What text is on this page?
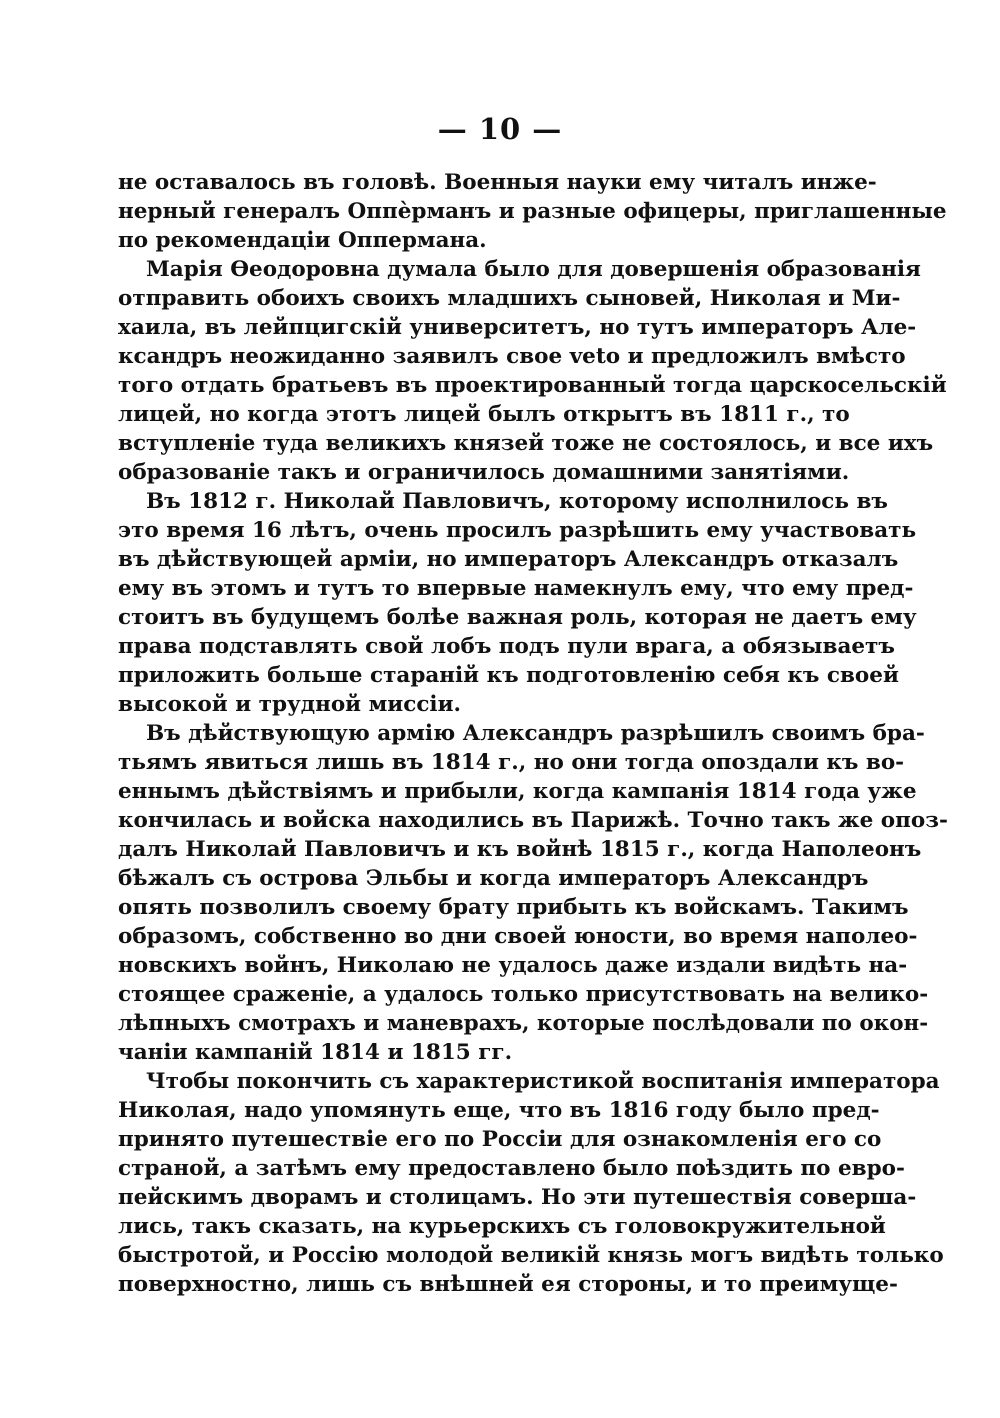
— 10 —
не оставалось въ головѣ. Военныя науки ему читалъ инже-
нерный генералъ Оппѐрманъ и разные офицеры, приглашенные
по рекомендаціи Оппермана.
Марія Ѳеодоровна думала было для довершенія образованія
отправить обоихъ своихъ младшихъ сыновей, Николая и Ми-
хаила, въ лейпцигскій университетъ, но тутъ императоръ Але-
ксандръ неожиданно заявилъ свое veto и предложилъ вмѣсто
того отдать братьевъ въ проектированный тогда царскосельскій
лицей, но когда этотъ лицей былъ открытъ въ 1811 г., то
вступленіе туда великихъ князей тоже не состоялось, и все ихъ
образованіе такъ и ограничилось домашними занятіями.
Въ 1812 г. Николай Павловичъ, которому исполнилось въ
это время 16 лѣтъ, очень просилъ разрѣшить ему участвовать
въ дѣйствующей арміи, но императоръ Александръ отказалъ
ему въ этомъ и тутъ то впервые намекнулъ ему, что ему пред-
стоитъ въ будущемъ болѣе важная роль, которая не даетъ ему
права подставлять свой лобъ подъ пули врага, а обязываетъ
приложить больше стараній къ подготовленію себя къ своей
высокой и трудной миссіи.
Въ дѣйствующую армію Александръ разрѣшилъ своимъ бра-
тьямъ явиться лишь въ 1814 г., но они тогда опоздали къ во-
еннымъ дѣйствіямъ и прибыли, когда кампанія 1814 года уже
кончилась и войска находились въ Парижѣ. Точно такъ же опоз-
далъ Николай Павловичъ и къ войнѣ 1815 г., когда Наполеонъ
бѣжалъ съ острова Эльбы и когда императоръ Александръ
опять позволилъ своему брату прибыть къ войскамъ. Такимъ
образомъ, собственно во дни своей юности, во время наполео-
новскихъ войнъ, Николаю не удалось даже издали видѣть на-
стоящее сраженіе, а удалось только присутствовать на велико-
лѣпныхъ смотрахъ и маневрахъ, которые послѣдовали по окон-
чаніи кампаній 1814 и 1815 гг.
Чтобы покончить съ характеристикой воспитанія императора
Николая, надо упомянуть еще, что въ 1816 году было пред-
принято путешествіе его по Россіи для ознакомленія его со
страной, а затѣмъ ему предоставлено было поѣздить по евро-
пейскимъ дворамъ и столицамъ. Но эти путешествія соверша-
лись, такъ сказать, на курьерскихъ съ головокружительной
быстротой, и Россію молодой великій князь могъ видѣть только
поверхностно, лишь съ внѣшней ея стороны, и то преимуще-
